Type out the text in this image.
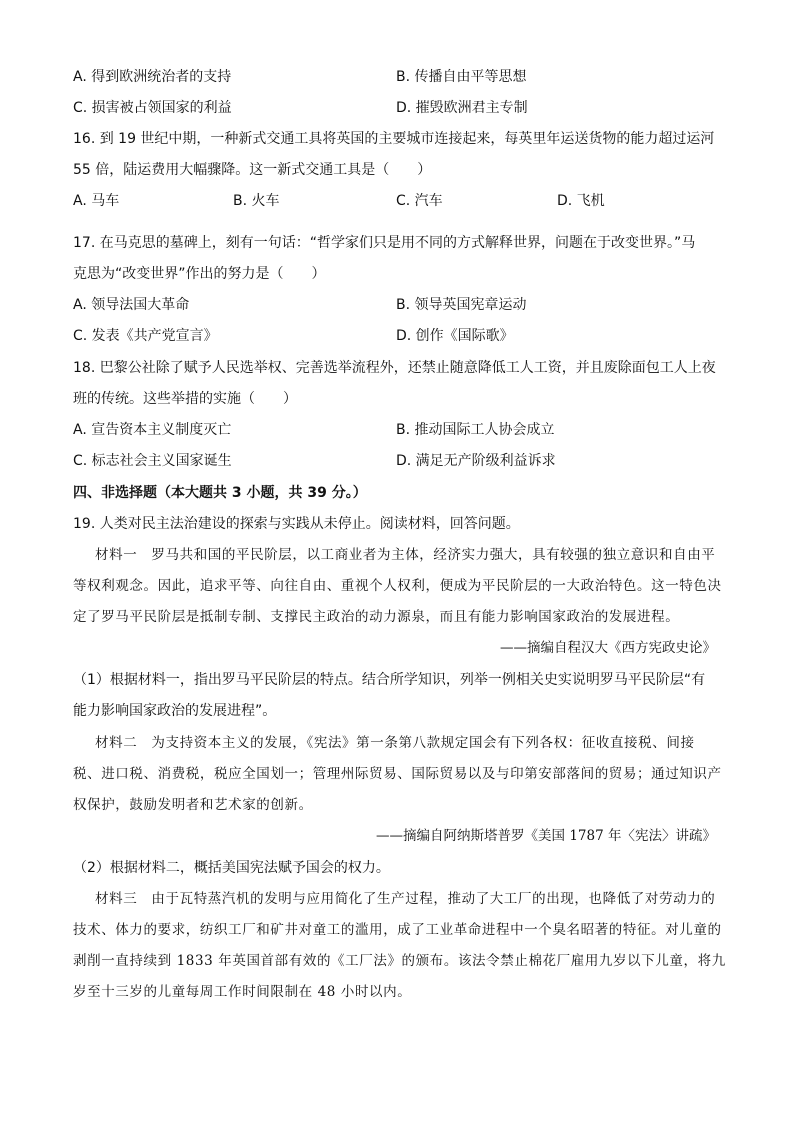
A. 得到欧洲统治者的支持	B. 传播自由平等思想
C. 损害被占领国家的利益	D. 摧毁欧洲君主专制
16. 到 19 世纪中期，一种新式交通工具将英国的主要城市连接起来，每英里年运送货物的能力超过运河
55 倍，陆运费用大幅骤降。这一新式交通工具是（　　）
A. 马车	B. 火车	C. 汽车	D. 飞机
17. 在马克思的墓碑上，刻有一句话：“哲学家们只是用不同的方式解释世界，问题在于改变世界。”马
克思为“改变世界”作出的努力是（　　）
A. 领导法国大革命	B. 领导英国宪章运动
C. 发表《共产党宣言》	D. 创作《国际歌》
18. 巴黎公社除了赋予人民选举权、完善选举流程外，还禁止随意降低工人工资，并且废除面包工人上夜
班的传统。这些举措的实施（　　）
A. 宣告资本主义制度灭亡	B. 推动国际工人协会成立
C. 标志社会主义国家诞生	D. 满足无产阶级利益诉求
四、非选择题（本大题共 3 小题，共 39 分。）
19. 人类对民主法治建设的探索与实践从未停止。阅读材料，回答问题。
材料一　罗马共和国的平民阶层，以工商业者为主体，经济实力强大，具有较强的独立意识和自由平
等权利观念。因此，追求平等、向往自由、重视个人权利，便成为平民阶层的一大政治特色。这一特色决
定了罗马平民阶层是抵制专制、支撑民主政治的动力源泉，而且有能力影响国家政治的发展进程。
——摘编自程汉大《西方宪政史论》
（1）根据材料一，指出罗马平民阶层的特点。结合所学知识，列举一例相关史实说明罗马平民阶层“有
能力影响国家政治的发展进程”。
材料二　为支持资本主义的发展，《宪法》第一条第八款规定国会有下列各权：征收直接税、间接
税、进口税、消费税，税应全国划一；管理州际贸易、国际贸易以及与印第安部落间的贸易；通过知识产
权保护，鼓励发明者和艺术家的创新。
——摘编自阿纳斯塔普罗《美国 1787 年〈宪法〉讲疏》
（2）根据材料二，概括美国宪法赋予国会的权力。
材料三　由于瓦特蒸汽机的发明与应用简化了生产过程，推动了大工厂的出现，也降低了对劳动力的
技术、体力的要求，纺织工厂和矿井对童工的滥用，成了工业革命进程中一个臭名昭著的特征。对儿童的
剥削一直持续到 1833 年英国首部有效的《工厂法》的颁布。该法令禁止棉花厂雇用九岁以下儿童，将九
岁至十三岁的儿童每周工作时间限制在 48 小时以内。
